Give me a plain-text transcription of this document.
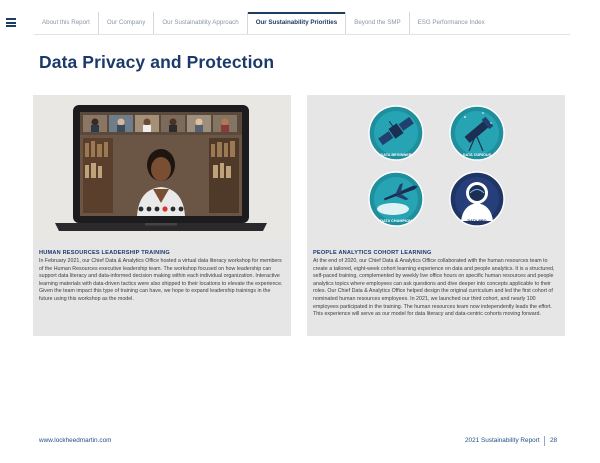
About this Report	Our Company	Our Sustainability Approach	Our Sustainability Priorities	Beyond the SMP	ESG Performance Index
Data Privacy and Protection
HUMAN RESOURCES LEADERSHIP TRAINING

In February 2021, our Chief Data & Analytics Office hosted a virtual data literacy workshop for members of the Human Resources executive leadership team. The workshop focused on how leadership can support data literacy and data-informed decision making within each individual organization. Interactive learning materials with data-driven tactics were also shipped to their locations to elevate the experience. Given the team impact this type of training can have, we hope to expand leadership trainings in the future using this workshop as the model.

DATA BEGINNER	DATA CURIOUS
DATA CHAMPION	DATA PRO
PEOPLE ANALYTICS COHORT LEARNING

At the end of 2020, our Chief Data & Analytics Office collaborated with the human resources team to create a tailored, eight-week cohort learning experience on data and people analytics. It is a structured, self-paced training, complemented by weekly live office hours on specific human resources and people analytics topics where employees can ask questions and dive deeper into concepts applicable to their roles. Our Chief Data & Analytics Office helped design the original curriculum and led the first cohort of nominated human resources employees. In 2021, we launched our third cohort, and nearly 100 employees participated in the training. The human resources team now independently leads the effort. This experience will serve as our model for data literacy and data-centric cohorts moving forward.

www.lockheedmartin.com	2021 Sustainability Report 28
